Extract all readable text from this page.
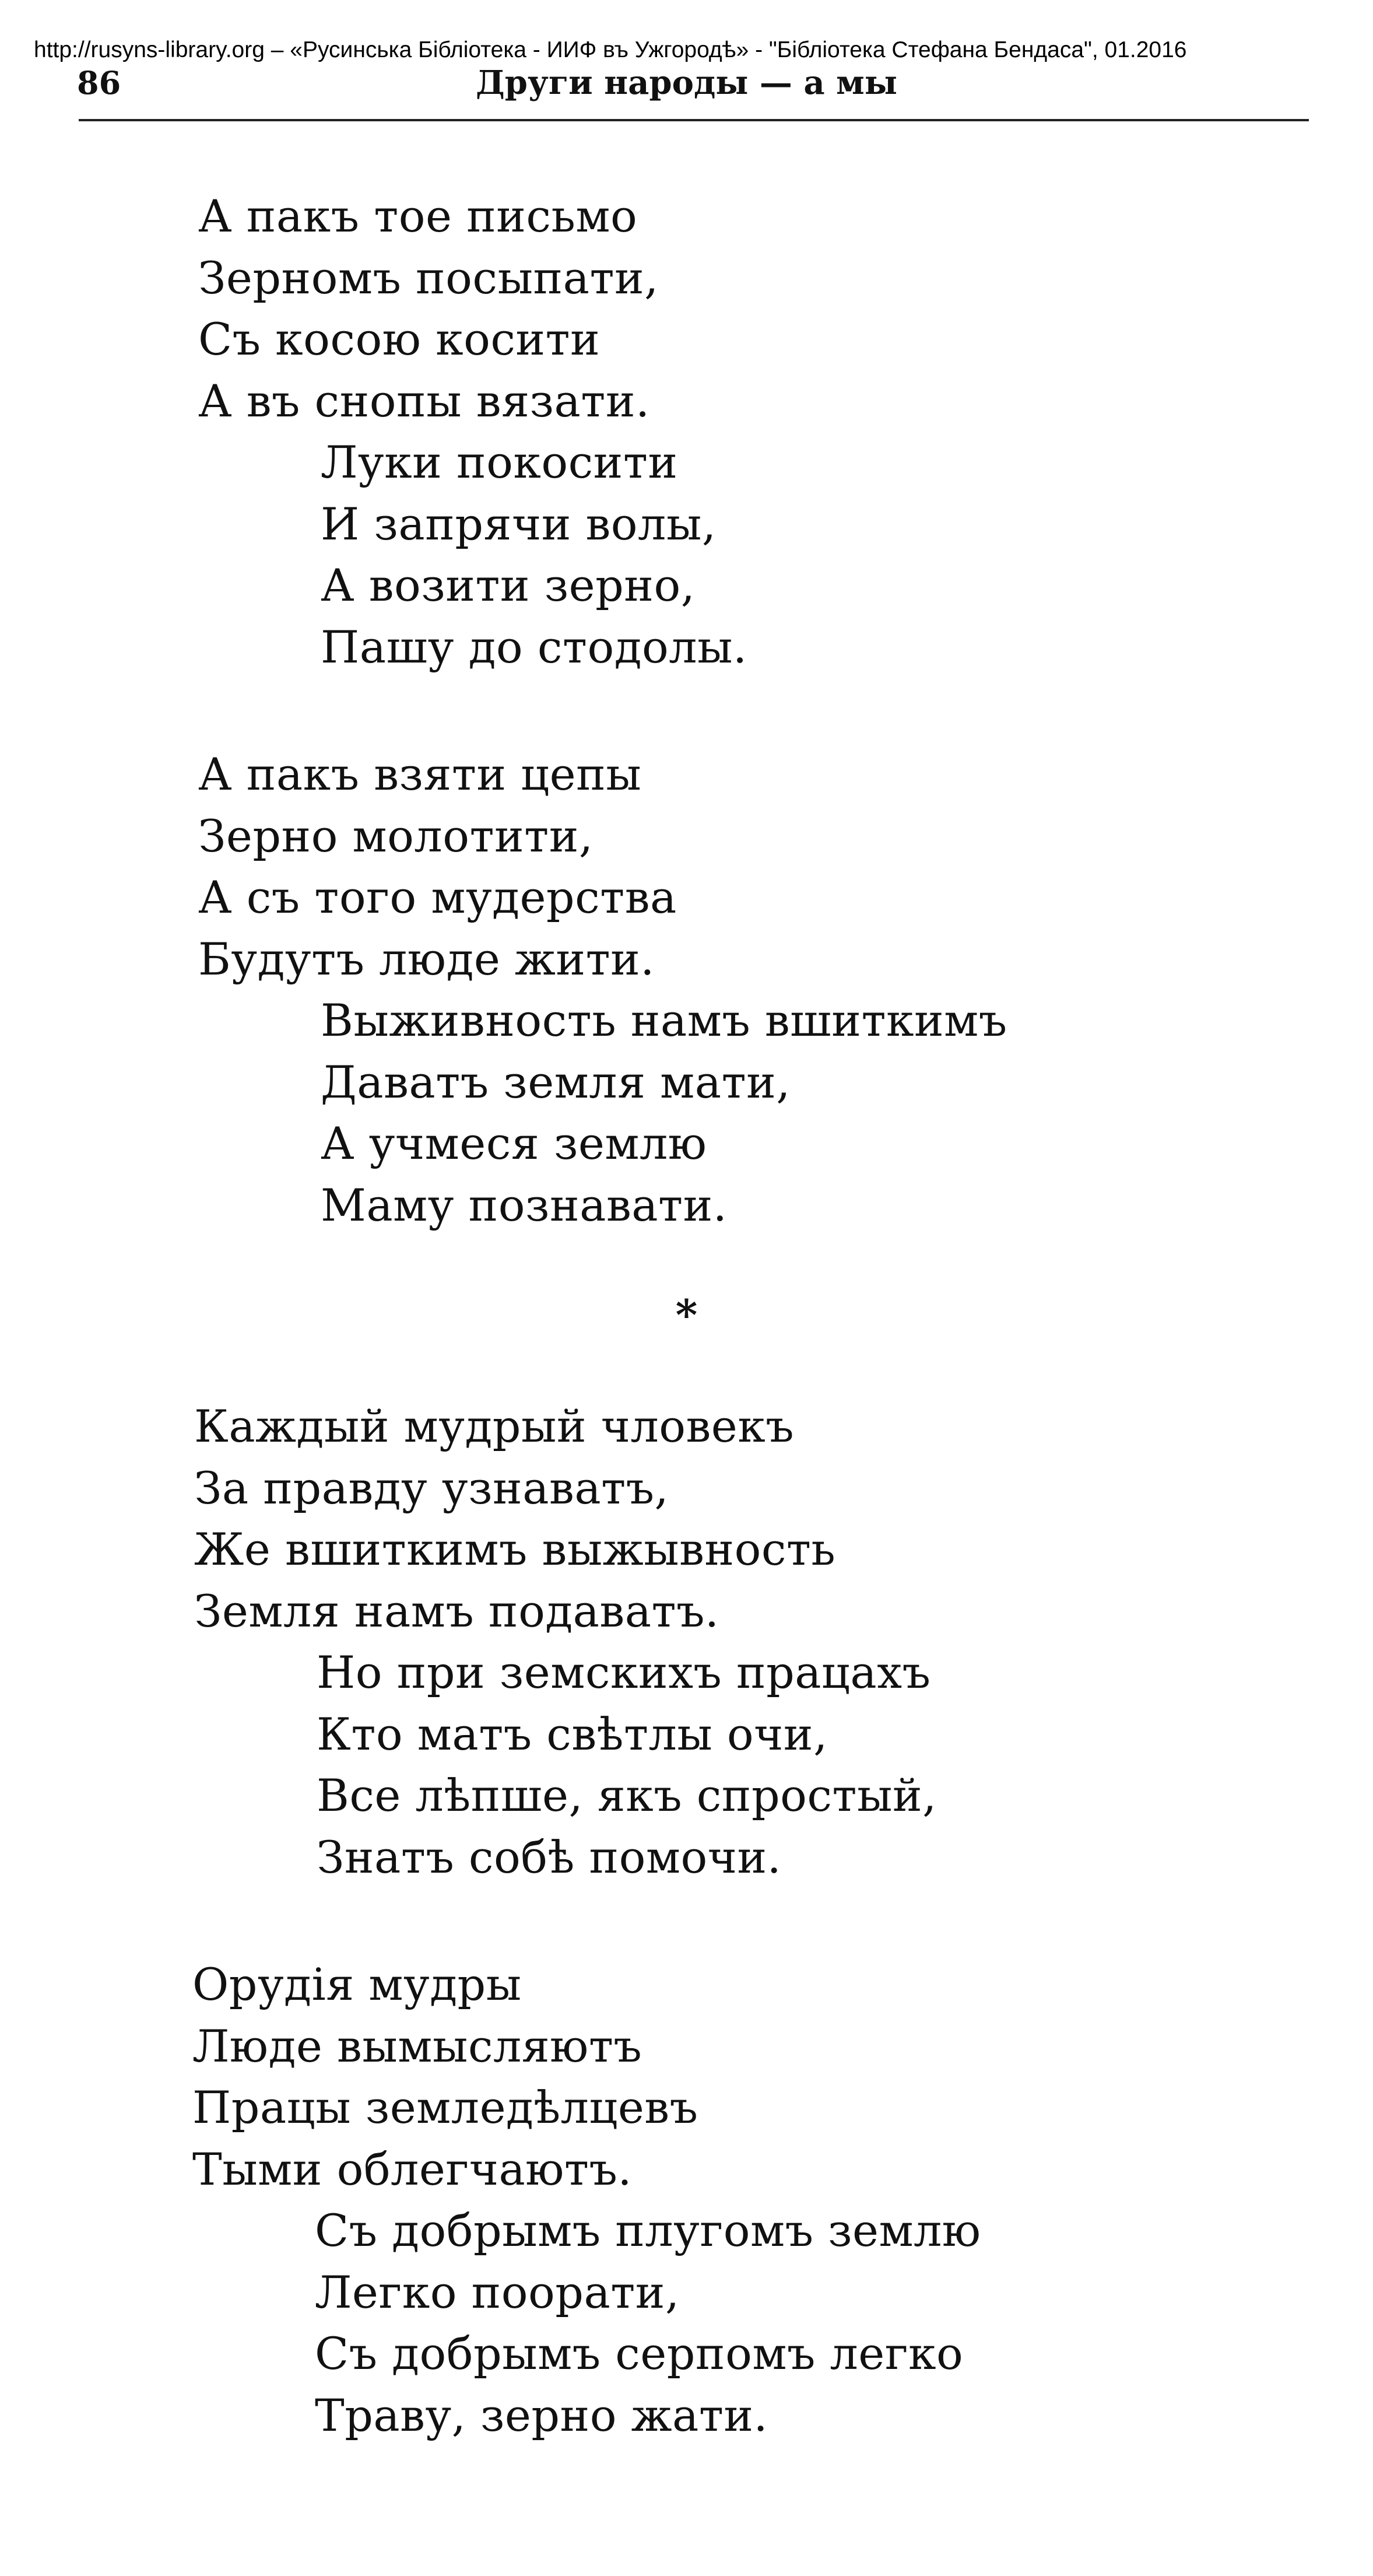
http://rusyns-library.org – «Русинська Бібліотека - ИИФ въ Ужгородѣ» - "Бібліотека Стефана Бендаса", 01.2016
Други народы — а мы
86
А пакъ тое письмо
Зерномъ посыпати,
Съ косою косити
А въ снопы вязати.
Луки покосити
И запрячи волы,
А возити зерно,
Пашу до стодолы.
А пакъ взяти цепы
Зерно молотити,
А съ того мудерства
Будутъ люде жити.
Выживность намъ вшиткимъ
Даватъ земля мати,
А учмеся землю
Маму познавати.
*
Каждый мудрый чловекъ
За правду узнаватъ,
Же вшиткимъ выжывность
Земля намъ подаватъ.
Но при земскихъ працахъ
Кто матъ свѣтлы очи,
Все лѣпше, якъ спростый,
Знатъ собѣ помочи.
Орудія мудры
Люде вымысляютъ
Працы земледѣлцевъ
Тыми облегчаютъ.
Съ добрымъ плугомъ землю
Легко поорати,
Съ добрымъ серпомъ легко
Траву, зерно жати.
